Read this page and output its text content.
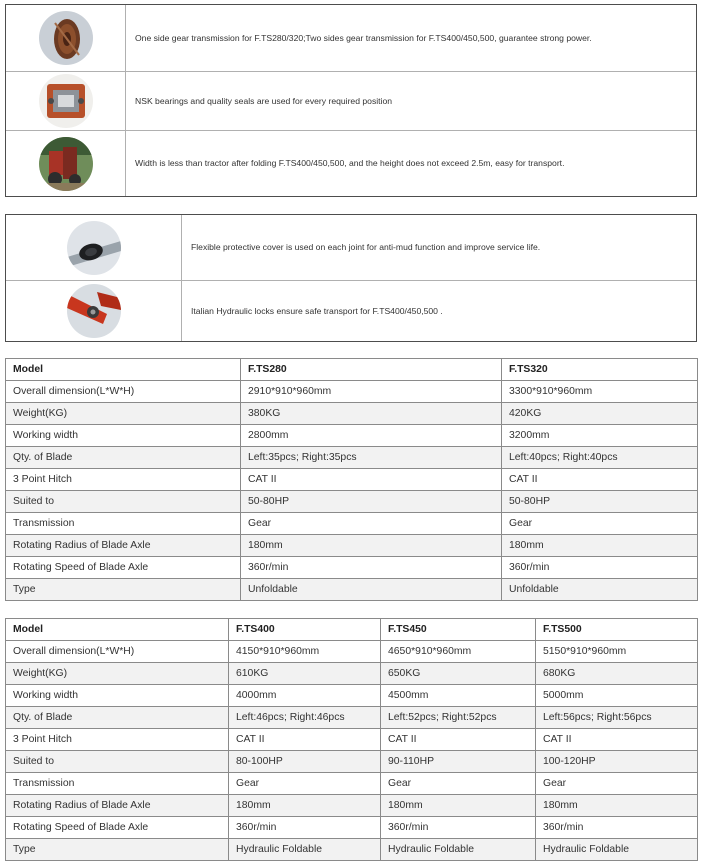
One side gear transmission for F.TS280/320;Two sides gear transmission for F.TS400/450,500, guarantee strong power.
NSK bearings and quality seals are used for every required position
Width is less than tractor after folding F.TS400/450,500, and the height does not exceed 2.5m, easy for transport.
Flexible protective cover is used on each joint for anti-mud function and improve service life.
Italian Hydraulic locks ensure safe transport for F.TS400/450,500 .
Model	F.TS280	F.TS320
Overall dimension(L*W*H)	2910*910*960mm	3300*910*960mm
Weight(KG)	380KG	420KG
Working width	2800mm	3200mm
Qty. of Blade	Left:35pcs; Right:35pcs	Left:40pcs; Right:40pcs
3 Point Hitch	CAT II	CAT II
Suited to	50-80HP	50-80HP
Transmission	Gear	Gear
Rotating Radius of Blade Axle	180mm	180mm
Rotating Speed of Blade Axle	360r/min	360r/min
Type	Unfoldable	Unfoldable
Model	F.TS400	F.TS450	F.TS500
Overall dimension(L*W*H)	4150*910*960mm	4650*910*960mm	5150*910*960mm
Weight(KG)	610KG	650KG	680KG
Working width	4000mm	4500mm	5000mm
Qty. of Blade	Left:46pcs; Right:46pcs	Left:52pcs; Right:52pcs	Left:56pcs; Right:56pcs
3 Point Hitch	CAT II	CAT II	CAT II
Suited to	80-100HP	90-110HP	100-120HP
Transmission	Gear	Gear	Gear
Rotating Radius of Blade Axle	180mm	180mm	180mm
Rotating Speed of Blade Axle	360r/min	360r/min	360r/min
Type	Hydraulic Foldable	Hydraulic Foldable	Hydraulic Foldable
